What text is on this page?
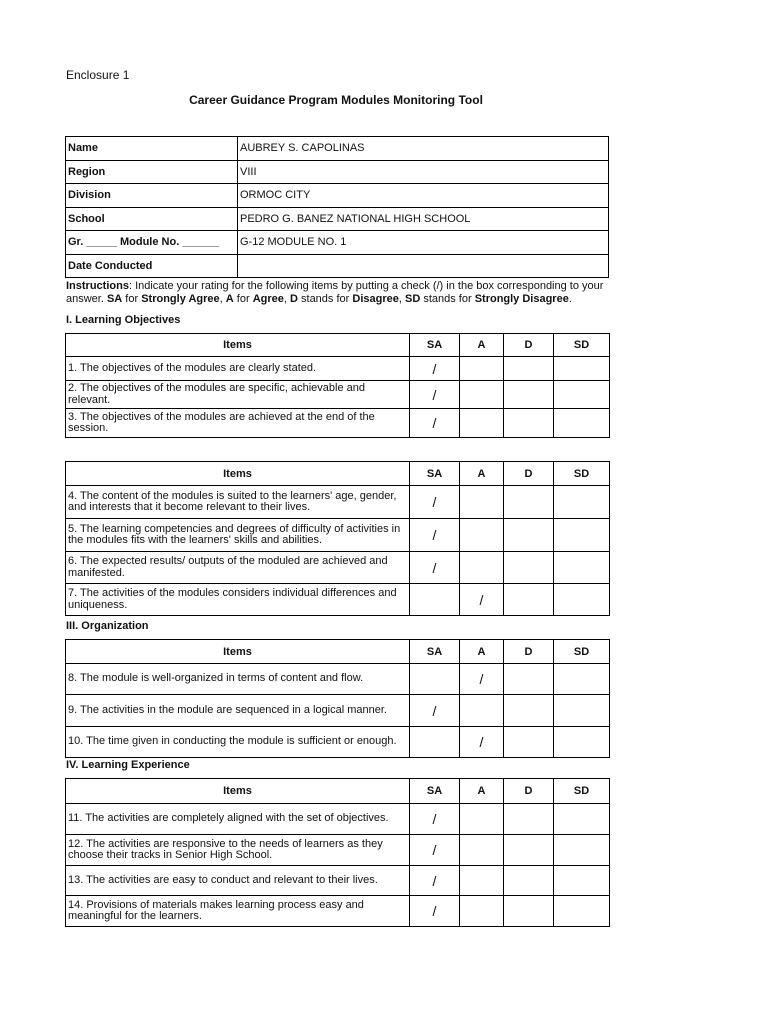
Enclosure 1
Career Guidance Program Modules Monitoring Tool
Name	AUBREY S. CAPOLINAS
Region	VIII
Division	ORMOC CITY
School	PEDRO G. BANEZ NATIONAL HIGH SCHOOL
Gr. _____ Module No. ______	G-12 MODULE NO. 1
Date Conducted	
Instructions: Indicate your rating for the following items by putting a check (/) in the box corresponding to your answer. SA for Strongly Agree, A for Agree, D stands for Disagree, SD stands for Strongly Disagree.
I. Learning Objectives
Items	SA	A	D	SD
1. The objectives of the modules are clearly stated.	/			
2. The objectives of the modules are specific, achievable and relevant.	/			
3. The objectives of the modules are achieved at the end of the session.	/			
Items	SA	A	D	SD
4. The content of the modules is suited to the learners' age, gender, and interests that it become relevant to their lives.	/			
5. The learning competencies and degrees of difficulty of activities in the modules fits with the learners' skills and abilities.	/			
6. The expected results/ outputs of the moduled are achieved and manifested.	/			
7. The activities of the modules considers individual differences and uniqueness.		/		
III. Organization
Items	SA	A	D	SD
8. The module is well-organized in terms of content and flow.		/		
9. The activities in the module are sequenced in a logical manner.	/			
10. The time given in conducting the module is sufficient or enough.		/		
IV. Learning Experience
Items	SA	A	D	SD
11. The activities are completely aligned with the set of objectives.	/			
12. The activities are responsive to the needs of learners as they choose their tracks in Senior High School.	/			
13. The activities are easy to conduct and relevant to their lives.	/			
14. Provisions of materials makes learning process easy and meaningful for the learners.	/			
